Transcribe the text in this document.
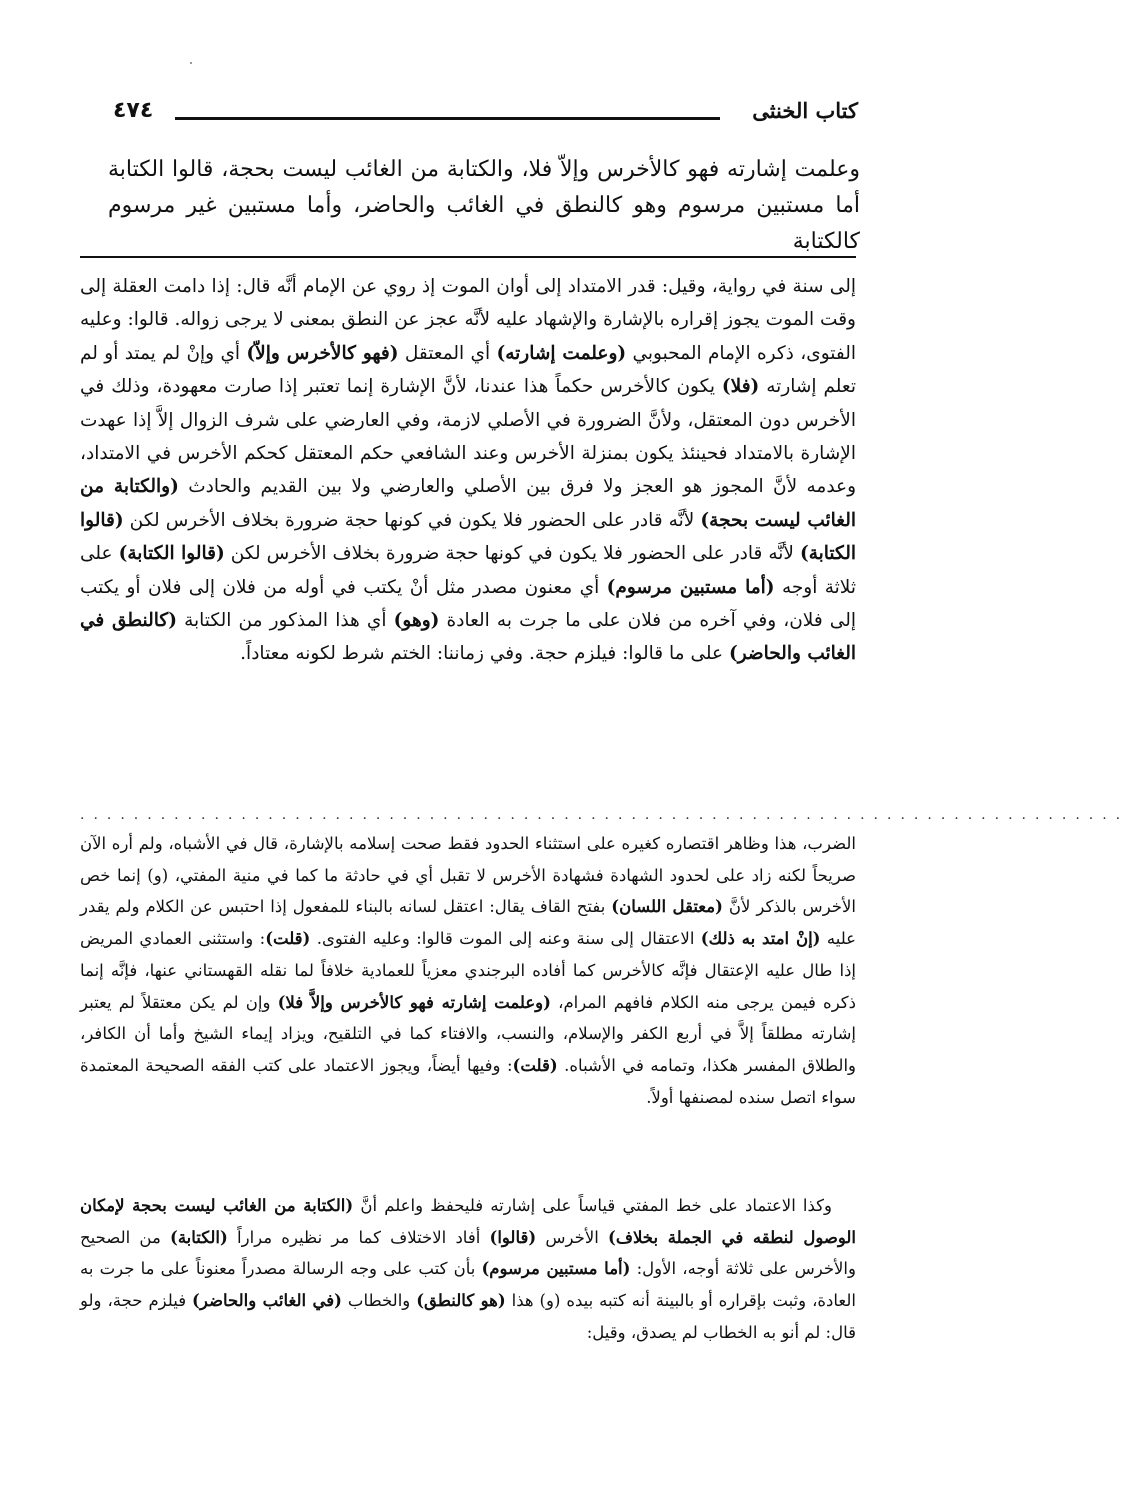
٤٧٤	كتاب الخنثى
وعلمت إشارته فهو كالأخرس وإلاّ فلا، والكتابة من الغائب ليست بحجة، قالوا الكتابة أما مستبين مرسوم وهو كالنطق في الغائب والحاضر، وأما مستبين غير مرسوم كالكتابة
إلى سنة في رواية، وقيل: قدر الامتداد إلى أوان الموت إذ روي عن الإمام أنَّه قال: إذا دامت العقلة إلى وقت الموت يجوز إقراره بالإشارة والإشهاد عليه لأنَّه عجز عن النطق بمعنى لا يرجى زواله. قالوا: وعليه الفتوى، ذكره الإمام المحبوبي (وعلمت إشارته) أي المعتقل (فهو كالأخرس وإلاّ) أي وإنْ لم يمتد أو لم تعلم إشارته (فلا) يكون كالأخرس حكماً هذا عندنا، لأنَّ الإشارة إنما تعتبر إذا صارت معهودة، وذلك في الأخرس دون المعتقل، ولأنَّ الضرورة في الأصلي لازمة، وفي العارضي على شرف الزوال إلاَّ إذا عهدت الإشارة بالامتداد فحينئذ يكون بمنزلة الأخرس وعند الشافعي حكم المعتقل كحكم الأخرس في الامتداد، وعدمه لأنَّ المجوز هو العجز ولا فرق بين الأصلي والعارضي ولا بين القديم والحادث (والكتابة من الغائب ليست بحجة) لأنَّه قادر على الحضور فلا يكون في كونها حجة ضرورة بخلاف الأخرس لكن (قالوا الكتابة) لأنَّه قادر على الحضور فلا يكون في كونها حجة ضرورة بخلاف الأخرس لكن (قالوا الكتابة) على ثلاثة أوجه (أما مستبين مرسوم) أي معنون مصدر مثل أنْ يكتب في أوله من فلان إلى فلان أو يكتب إلى فلان، وفي آخره من فلان على ما جرت به العادة (وهو) أي هذا المذكور من الكتابة (كالنطق في الغائب والحاضر) على ما قالوا: فيلزم حجة. وفي زماننا: الختم شرط لكونه معتاداً.
..............................................................................
الضرب، هذا وظاهر اقتصاره كغيره على استثناء الحدود فقط صحت إسلامه بالإشارة، قال في الأشباه، ولم أره الآن صريحاً لكنه زاد على لحدود الشهادة فشهادة الأخرس لا تقبل أي في حادثة ما كما في منية المفتي، (و) إنما خص الأخرس بالذكر لأنَّ (معتقل اللسان) بفتح القاف يقال: اعتقل لسانه بالبناء للمفعول إذا احتبس عن الكلام ولم يقدر عليه (إنْ امتد به ذلك) الاعتقال إلى سنة وعنه إلى الموت قالوا: وعليه الفتوى. (قلت): واستثنى العمادي المريض إذا طال عليه الإعتقال فإنَّه كالأخرس كما أفاده البرجندي معزياً للعمادية خلافاً لما نقله القهستاني عنها، فإنَّه إنما ذكره فيمن يرجى منه الكلام فافهم المرام، (وعلمت إشارته فهو كالأخرس وإلاَّ فلا) وإن لم يكن معتقلاً لم يعتبر إشارته مطلقاً إلاَّ في أربع الكفر والإسلام، والنسب، والافتاء كما في التلقيح، ويزاد إيماء الشيخ وأما أن الكافر، والطلاق المفسر هكذا، وتمامه في الأشباه. (قلت): وفيها أيضاً، ويجوز الاعتماد على كتب الفقه الصحيحة المعتمدة سواء اتصل سنده لمصنفها أولاً.
وكذا الاعتماد على خط المفتي قياساً على إشارته فليحفظ واعلم أنَّ (الكتابة من الغائب ليست بحجة لإمكان الوصول لنطقه في الجملة بخلاف) الأخرس (قالوا) أفاد الاختلاف كما مر نظيره مراراً (الكتابة) من الصحيح والأخرس على ثلاثة أوجه، الأول: (أما مستبين مرسوم) بأن كتب على وجه الرسالة مصدراً معنوناً على ما جرت به العادة، وثبت بإقراره أو بالبينة أنه كتبه بيده (و) هذا (هو كالنطق) والخطاب (في الغائب والحاضر) فيلزم حجة، ولو قال: لم أنو به الخطاب لم يصدق، وقيل:
